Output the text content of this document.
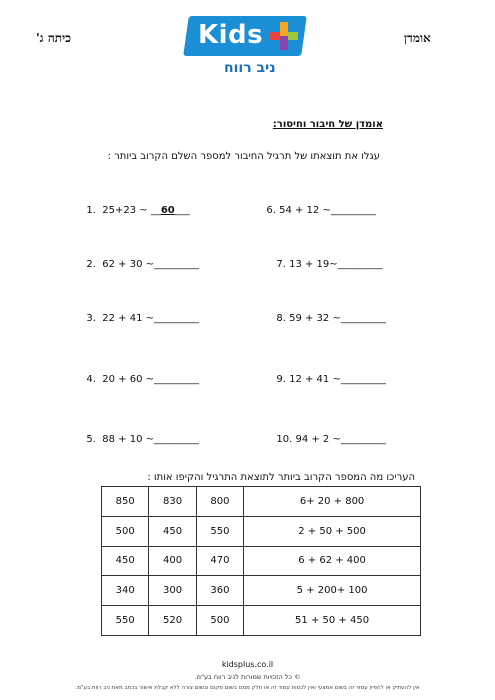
כיתה ג'	אומדן
Kids
ניב רווח
אומדן של חיבור וחיסור:
עגלו את תוצאתו של תרגיל החיבור למספר השלם הקרוב ביותר :

1. 25+23 ~ __60___

2. 62 + 30 ~_________

3. 22 + 41 ~_________

4. 20 + 60 ~_________

5. 88 + 10 ~_________

6. 54 + 12 ~_________

7. 13 + 19~_________

8. 59 + 32 ~_________

9. 12 + 41 ~_________

10. 94 + 2 ~_________

העריכו מה המספר הקרוב ביותר לתוצאת התרגיל והקיפו אותו :
850	830	800	6+ 20 + 800
500	450	550	2 + 50 + 500
450	400	470	6 + 62 + 400
340	300	360	5 + 200+ 100
550	520	500	51 + 50 + 450
kidsplus.co.il
© כל הזכויות שמורות לניב רווח בע"מ.
אין להעתיק או להפיץ עמוד זה בשום אמצעי ואין לכסות עמוד זה או חלק ממנו בשום מקום ובשום צורה ללא קבלת אישור בכתב מאת ניב רווח בע"מ.
